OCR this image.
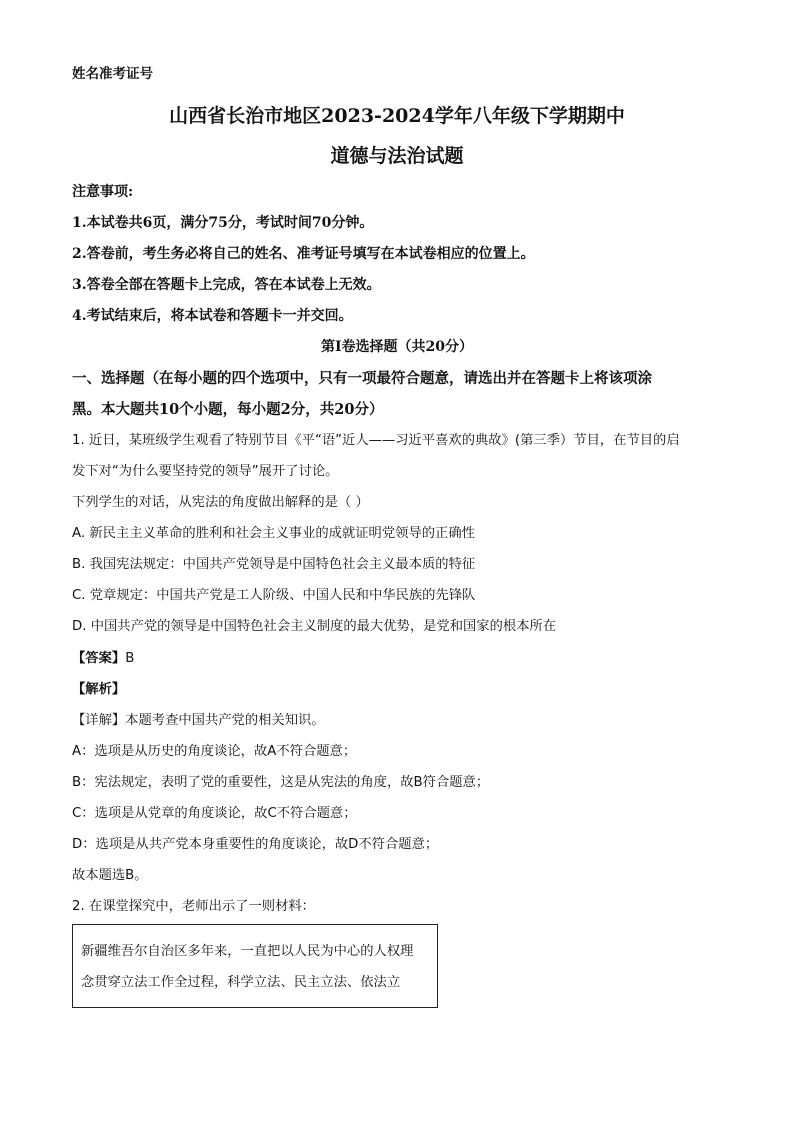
姓名准考证号
山西省长治市地区2023-2024学年八年级下学期期中
道德与法治试题
注意事项:
1.本试卷共6页，满分75分，考试时间70分钟。
2.答卷前，考生务必将自己的姓名、准考证号填写在本试卷相应的位置上。
3.答卷全部在答题卡上完成，答在本试卷上无效。
4.考试结束后，将本试卷和答题卡一并交回。
第Ⅰ卷选择题（共20分）
一、选择题（在每小题的四个选项中，只有一项最符合题意，请选出并在答题卡上将该项涂
黑。本大题共10个小题，每小题2分，共20分）
1. 近日，某班级学生观看了特别节目《平“语”近人——习近平喜欢的典故》(第三季）节目，在节目的启
发下对“为什么要坚持党的领导”展开了讨论。
下列学生的对话，从宪法的角度做出解释的是（ ）
A. 新民主主义革命的胜利和社会主义事业的成就证明党领导的正确性
B. 我国宪法规定：中国共产党领导是中国特色社会主义最本质的特征
C. 党章规定：中国共产党是工人阶级、中国人民和中华民族的先锋队
D. 中国共产党的领导是中国特色社会主义制度的最大优势，是党和国家的根本所在
【答案】B
【解析】
【详解】本题考查中国共产党的相关知识。
A：选项是从历史的角度谈论，故A不符合题意；
B：宪法规定，表明了党的重要性，这是从宪法的角度，故B符合题意；
C：选项是从党章的角度谈论，故C不符合题意；
D：选项是从共产党本身重要性的角度谈论，故D不符合题意；
故本题选B。
2. 在课堂探究中，老师出示了一则材料：
新疆维吾尔自治区多年来，一直把以人民为中心的人权理
念贯穿立法工作全过程，科学立法、民主立法、依法立
